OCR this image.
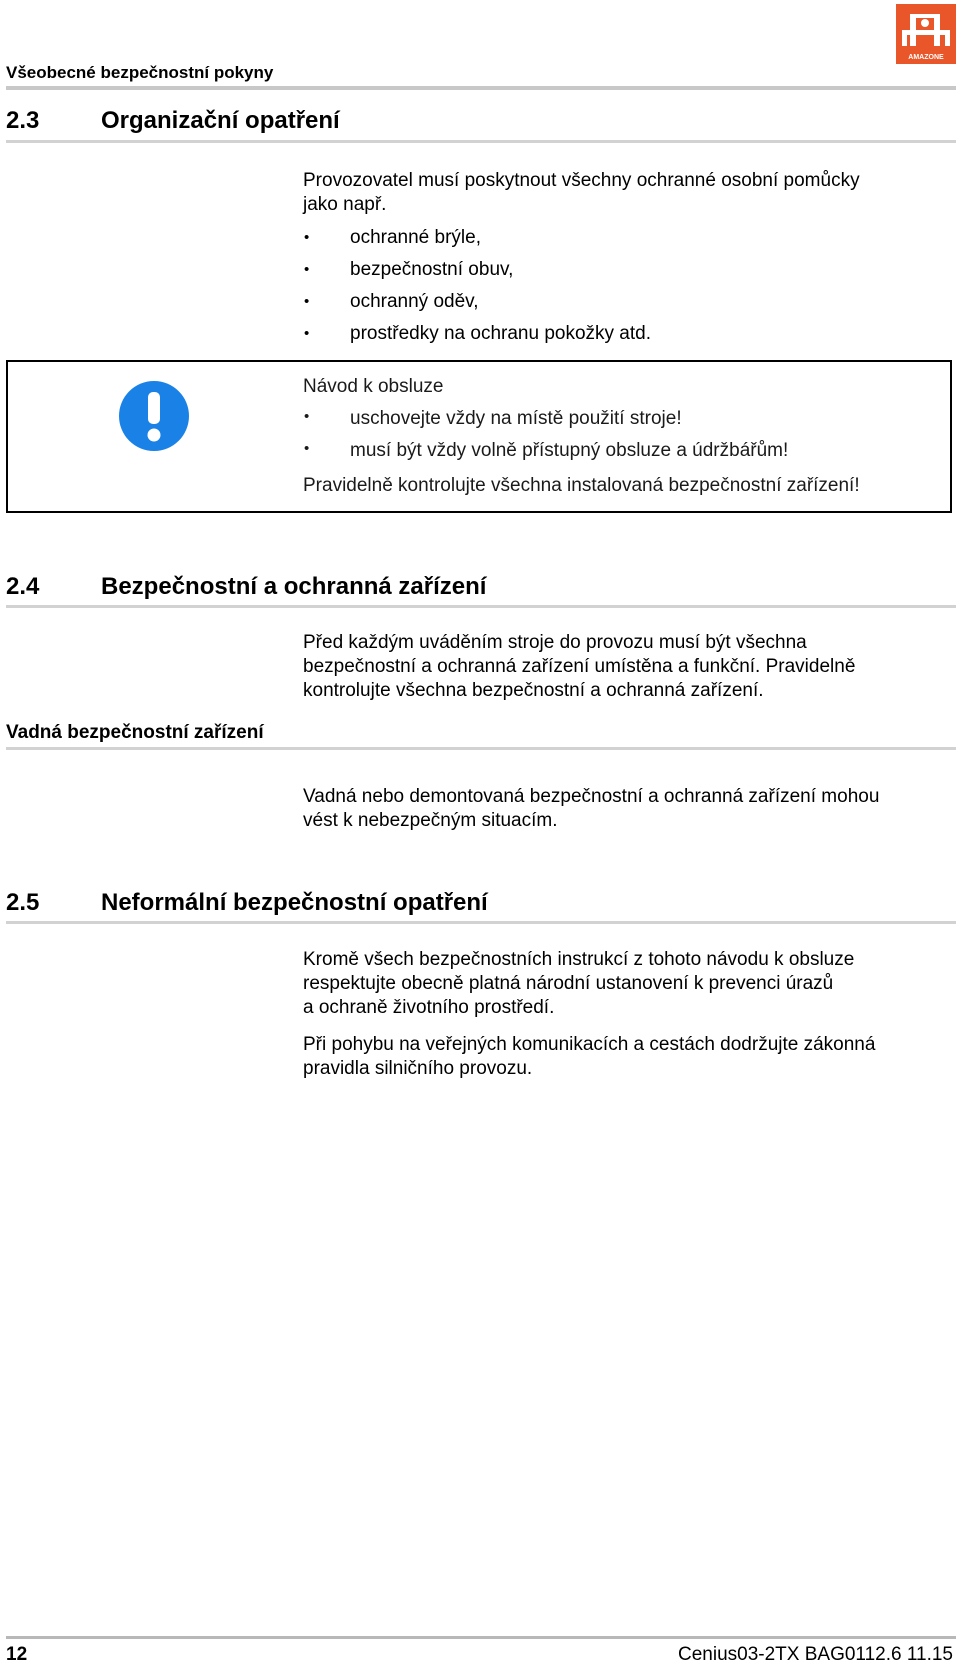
AMAZONE
Všeobecné bezpečnostní pokyny
2.3	Organizační opatření

Provozovatel musí poskytnout všechny ochranné osobní pomůcky

jako např.

• ochranné brýle,
• bezpečnostní obuv,
• ochranný oděv,
• prostředky na ochranu pokožky atd.
Návod k obsluze
• uschovejte vždy na místě použití stroje!
• musí být vždy volně přístupný obsluze a údržbářům!
Pravidelně kontrolujte všechna instalovaná bezpečnostní zařízení!
2.4	Bezpečnostní a ochranná zařízení

Před každým uváděním stroje do provozu musí být všechna

bezpečnostní a ochranná zařízení umístěna a funkční. Pravidelně

kontrolujte všechna bezpečnostní a ochranná zařízení.

Vadná bezpečnostní zařízení

Vadná nebo demontovaná bezpečnostní a ochranná zařízení mohou

vést k nebezpečným situacím.

2.5	Neformální bezpečnostní opatření

Kromě všech bezpečnostních instrukcí z tohoto návodu k obsluze

respektujte obecně platná národní ustanovení k prevenci úrazů

a ochraně životního prostředí.

Při pohybu na veřejných komunikacích a cestách dodržujte zákonná

pravidla silničního provozu.

12	Cenius03-2TX BAG0112.6 11.15
